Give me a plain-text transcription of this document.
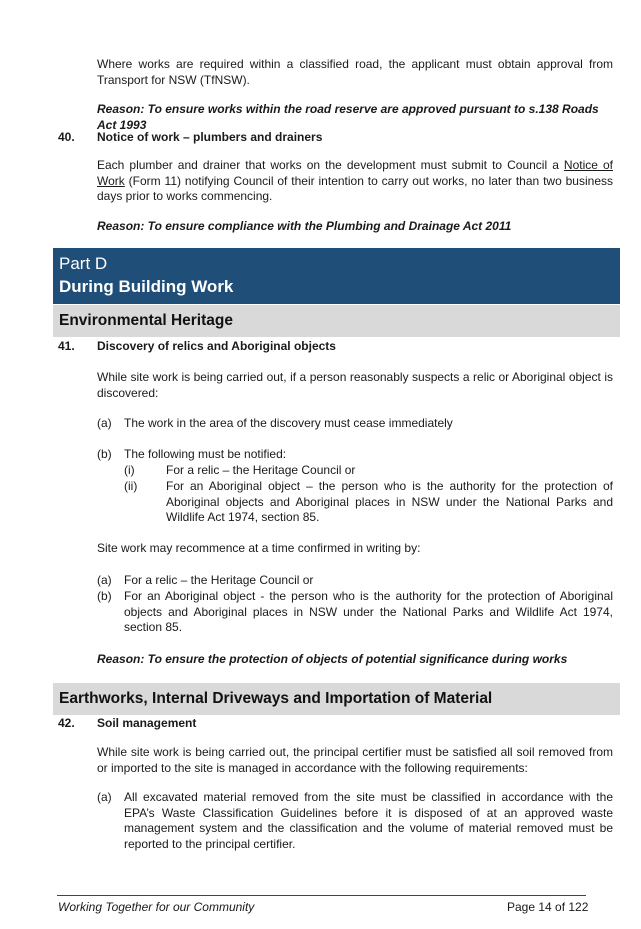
Where works are required within a classified road, the applicant must obtain approval from Transport for NSW (TfNSW).

Reason: To ensure works within the road reserve are approved pursuant to s.138 Roads Act 1993

40. Notice of work – plumbers and drainers

Each plumber and drainer that works on the development must submit to Council a Notice of Work (Form 11) notifying Council of their intention to carry out works, no later than two business days prior to works commencing.

Reason: To ensure compliance with the Plumbing and Drainage Act 2011

Part D
During Building Work
Environmental Heritage
41. Discovery of relics and Aboriginal objects

While site work is being carried out, if a person reasonably suspects a relic or Aboriginal object is discovered:

(a) The work in the area of the discovery must cease immediately

(b) The following must be notified:

(i)	For a relic – the Heritage Council or

(ii) For an Aboriginal object – the person who is the authority for the protection of Aboriginal objects and Aboriginal places in NSW under the National Parks and Wildlife Act 1974, section 85.

Site work may recommence at a time confirmed in writing by:

(a) For a relic – the Heritage Council or

(b) For an Aboriginal object - the person who is the authority for the protection of Aboriginal objects and Aboriginal places in NSW under the National Parks and Wildlife Act 1974, section 85.

Reason: To ensure the protection of objects of potential significance during works

Earthworks, Internal Driveways and Importation of Material
42. Soil management

While site work is being carried out, the principal certifier must be satisfied all soil removed from or imported to the site is managed in accordance with the following requirements:

(a) All excavated material removed from the site must be classified in accordance with the EPA’s Waste Classification Guidelines before it is disposed of at an approved waste management system and the classification and the volume of material removed must be reported to the principal certifier.

Working Together for our Community	Page 14 of 122
